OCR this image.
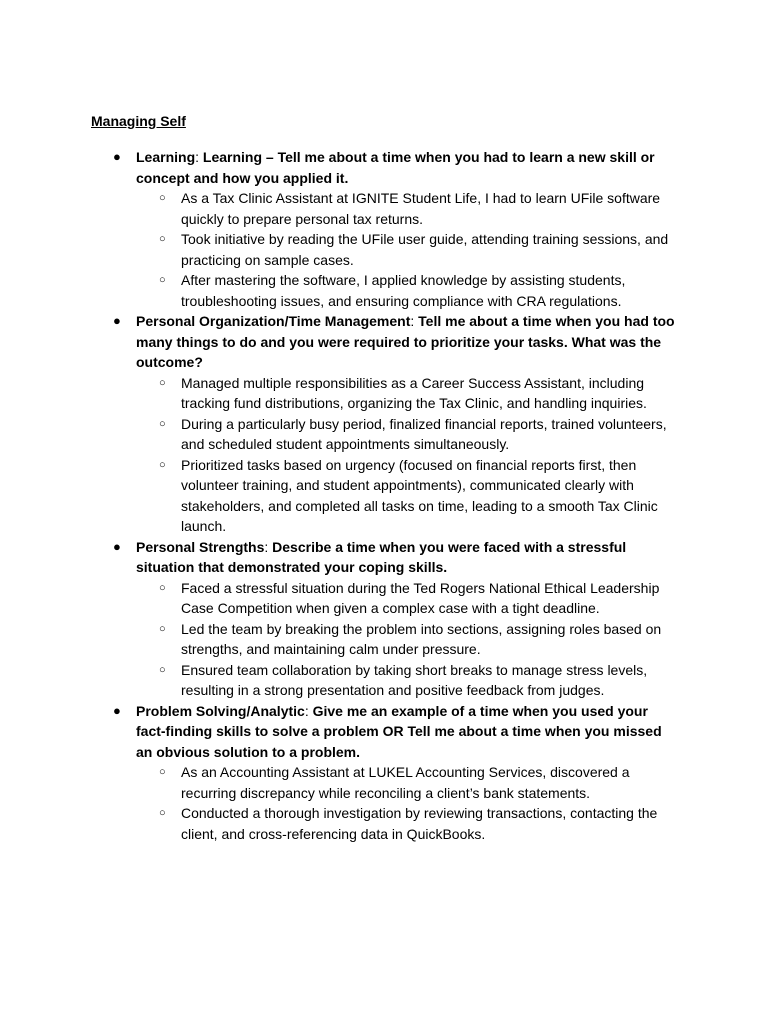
Managing Self
● Learning: Learning – Tell me about a time when you had to learn a new skill or concept and how you applied it.
○ As a Tax Clinic Assistant at IGNITE Student Life, I had to learn UFile software quickly to prepare personal tax returns.
○ Took initiative by reading the UFile user guide, attending training sessions, and practicing on sample cases.
○ After mastering the software, I applied knowledge by assisting students, troubleshooting issues, and ensuring compliance with CRA regulations.
● Personal Organization/Time Management: Tell me about a time when you had too many things to do and you were required to prioritize your tasks. What was the outcome?
○ Managed multiple responsibilities as a Career Success Assistant, including tracking fund distributions, organizing the Tax Clinic, and handling inquiries.
○ During a particularly busy period, finalized financial reports, trained volunteers, and scheduled student appointments simultaneously.
○ Prioritized tasks based on urgency (focused on financial reports first, then volunteer training, and student appointments), communicated clearly with stakeholders, and completed all tasks on time, leading to a smooth Tax Clinic launch.
● Personal Strengths: Describe a time when you were faced with a stressful situation that demonstrated your coping skills.
○ Faced a stressful situation during the Ted Rogers National Ethical Leadership Case Competition when given a complex case with a tight deadline.
○ Led the team by breaking the problem into sections, assigning roles based on strengths, and maintaining calm under pressure.
○ Ensured team collaboration by taking short breaks to manage stress levels, resulting in a strong presentation and positive feedback from judges.
● Problem Solving/Analytic: Give me an example of a time when you used your fact-finding skills to solve a problem OR Tell me about a time when you missed an obvious solution to a problem.
○ As an Accounting Assistant at LUKEL Accounting Services, discovered a recurring discrepancy while reconciling a client’s bank statements.
○ Conducted a thorough investigation by reviewing transactions, contacting the client, and cross-referencing data in QuickBooks.
